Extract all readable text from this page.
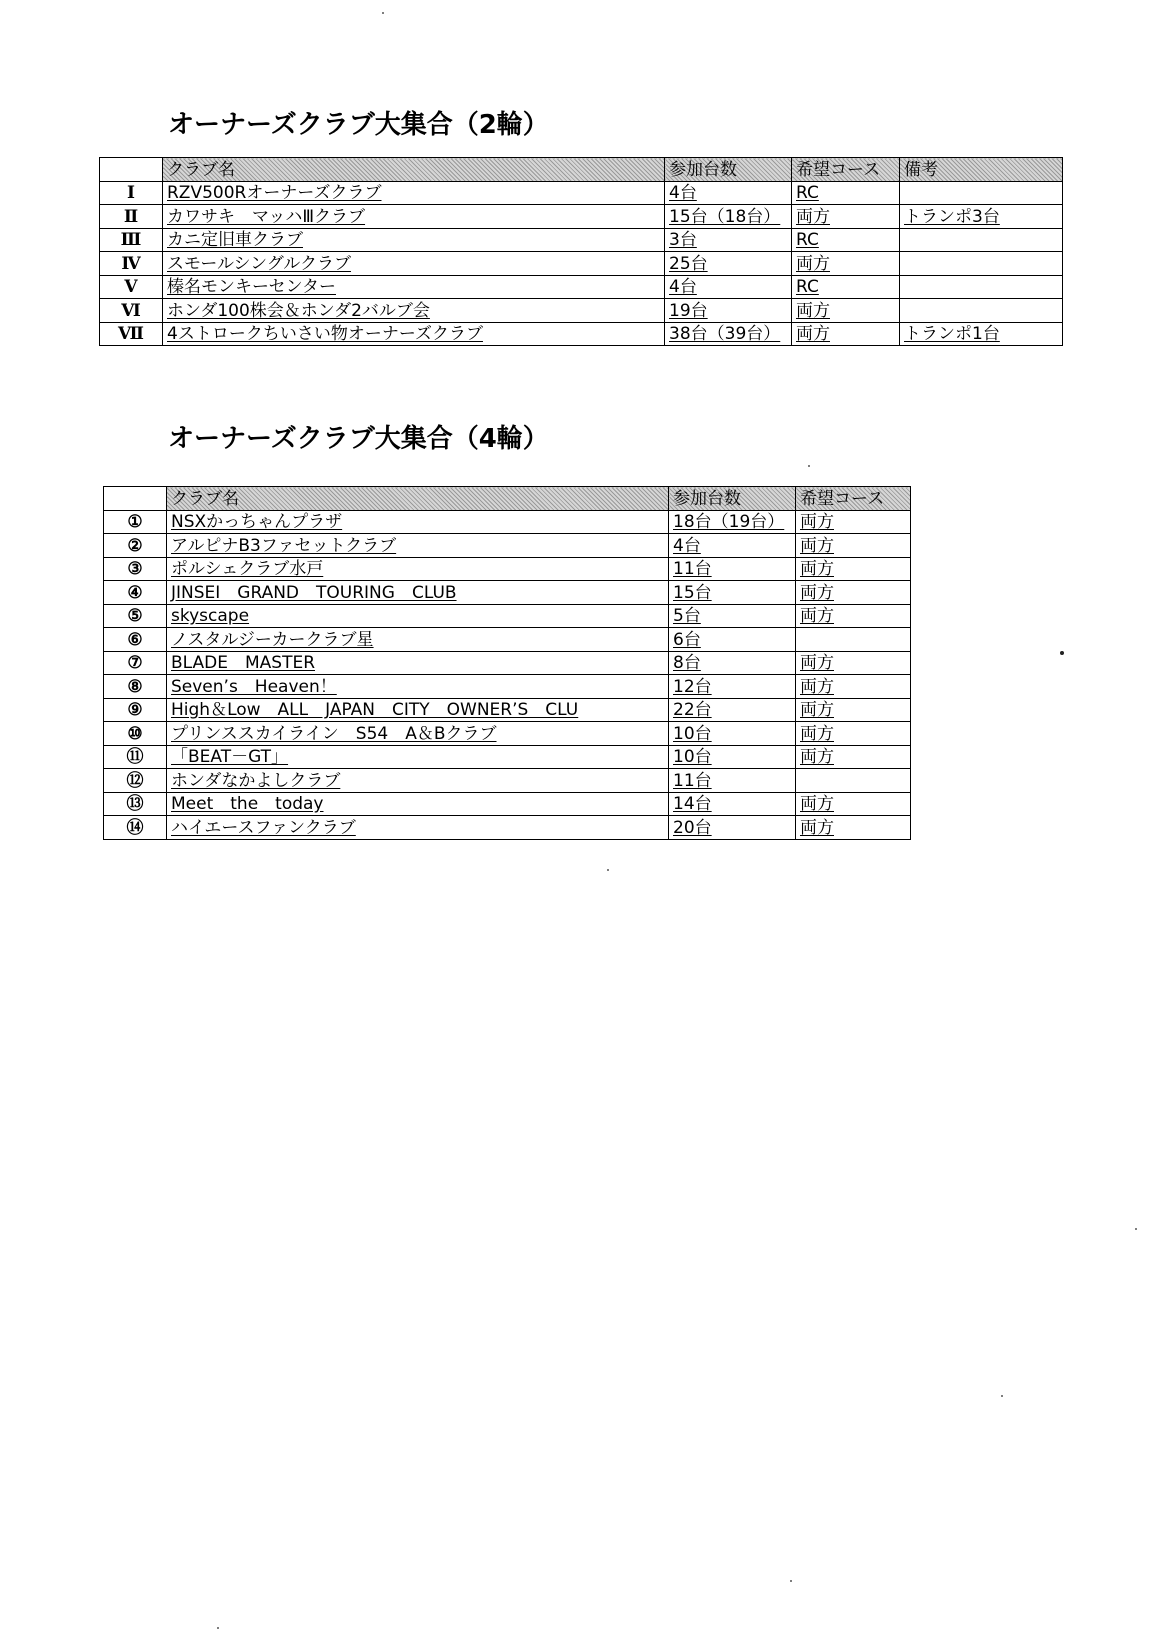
オーナーズクラブ大集合（2輪）
	クラブ名	参加台数	希望コース	備考
Ⅰ	RZV500Rオーナーズクラブ	4台	RC	
Ⅱ	カワサキ　マッハⅢクラブ	15台（18台）	両方	トランポ3台
Ⅲ	カニ定旧車クラブ	3台	RC	
Ⅳ	スモールシングルクラブ	25台	両方	
Ⅴ	榛名モンキーセンター	4台	RC	
Ⅵ	ホンダ100株会＆ホンダ2バルブ会	19台	両方	
Ⅶ	4ストロークちいさい物オーナーズクラブ	38台（39台）	両方	トランポ1台
オーナーズクラブ大集合（4輪）
	クラブ名	参加台数	希望コース
①	NSXかっちゃんプラザ	18台（19台）	両方
②	アルピナB3ファセットクラブ	4台	両方
③	ポルシェクラブ水戸	11台	両方
④	JINSEI　GRAND　TOURING　CLUB	15台	両方
⑤	skyscape	5台	両方
⑥	ノスタルジーカークラブ星	6台	
⑦	BLADE　MASTER	8台	両方
⑧	Seven’s　Heaven！	12台	両方
⑨	High＆Low　ALL　JAPAN　CITY　OWNER’S　CLU	22台	両方
⑩	プリンススカイライン　S54　A＆Bクラブ	10台	両方
⑪	「BEAT－GT」	10台	両方
⑫	ホンダなかよしクラブ	11台	
⑬	Meet　the　today	14台	両方
⑭	ハイエースファンクラブ	20台	両方
